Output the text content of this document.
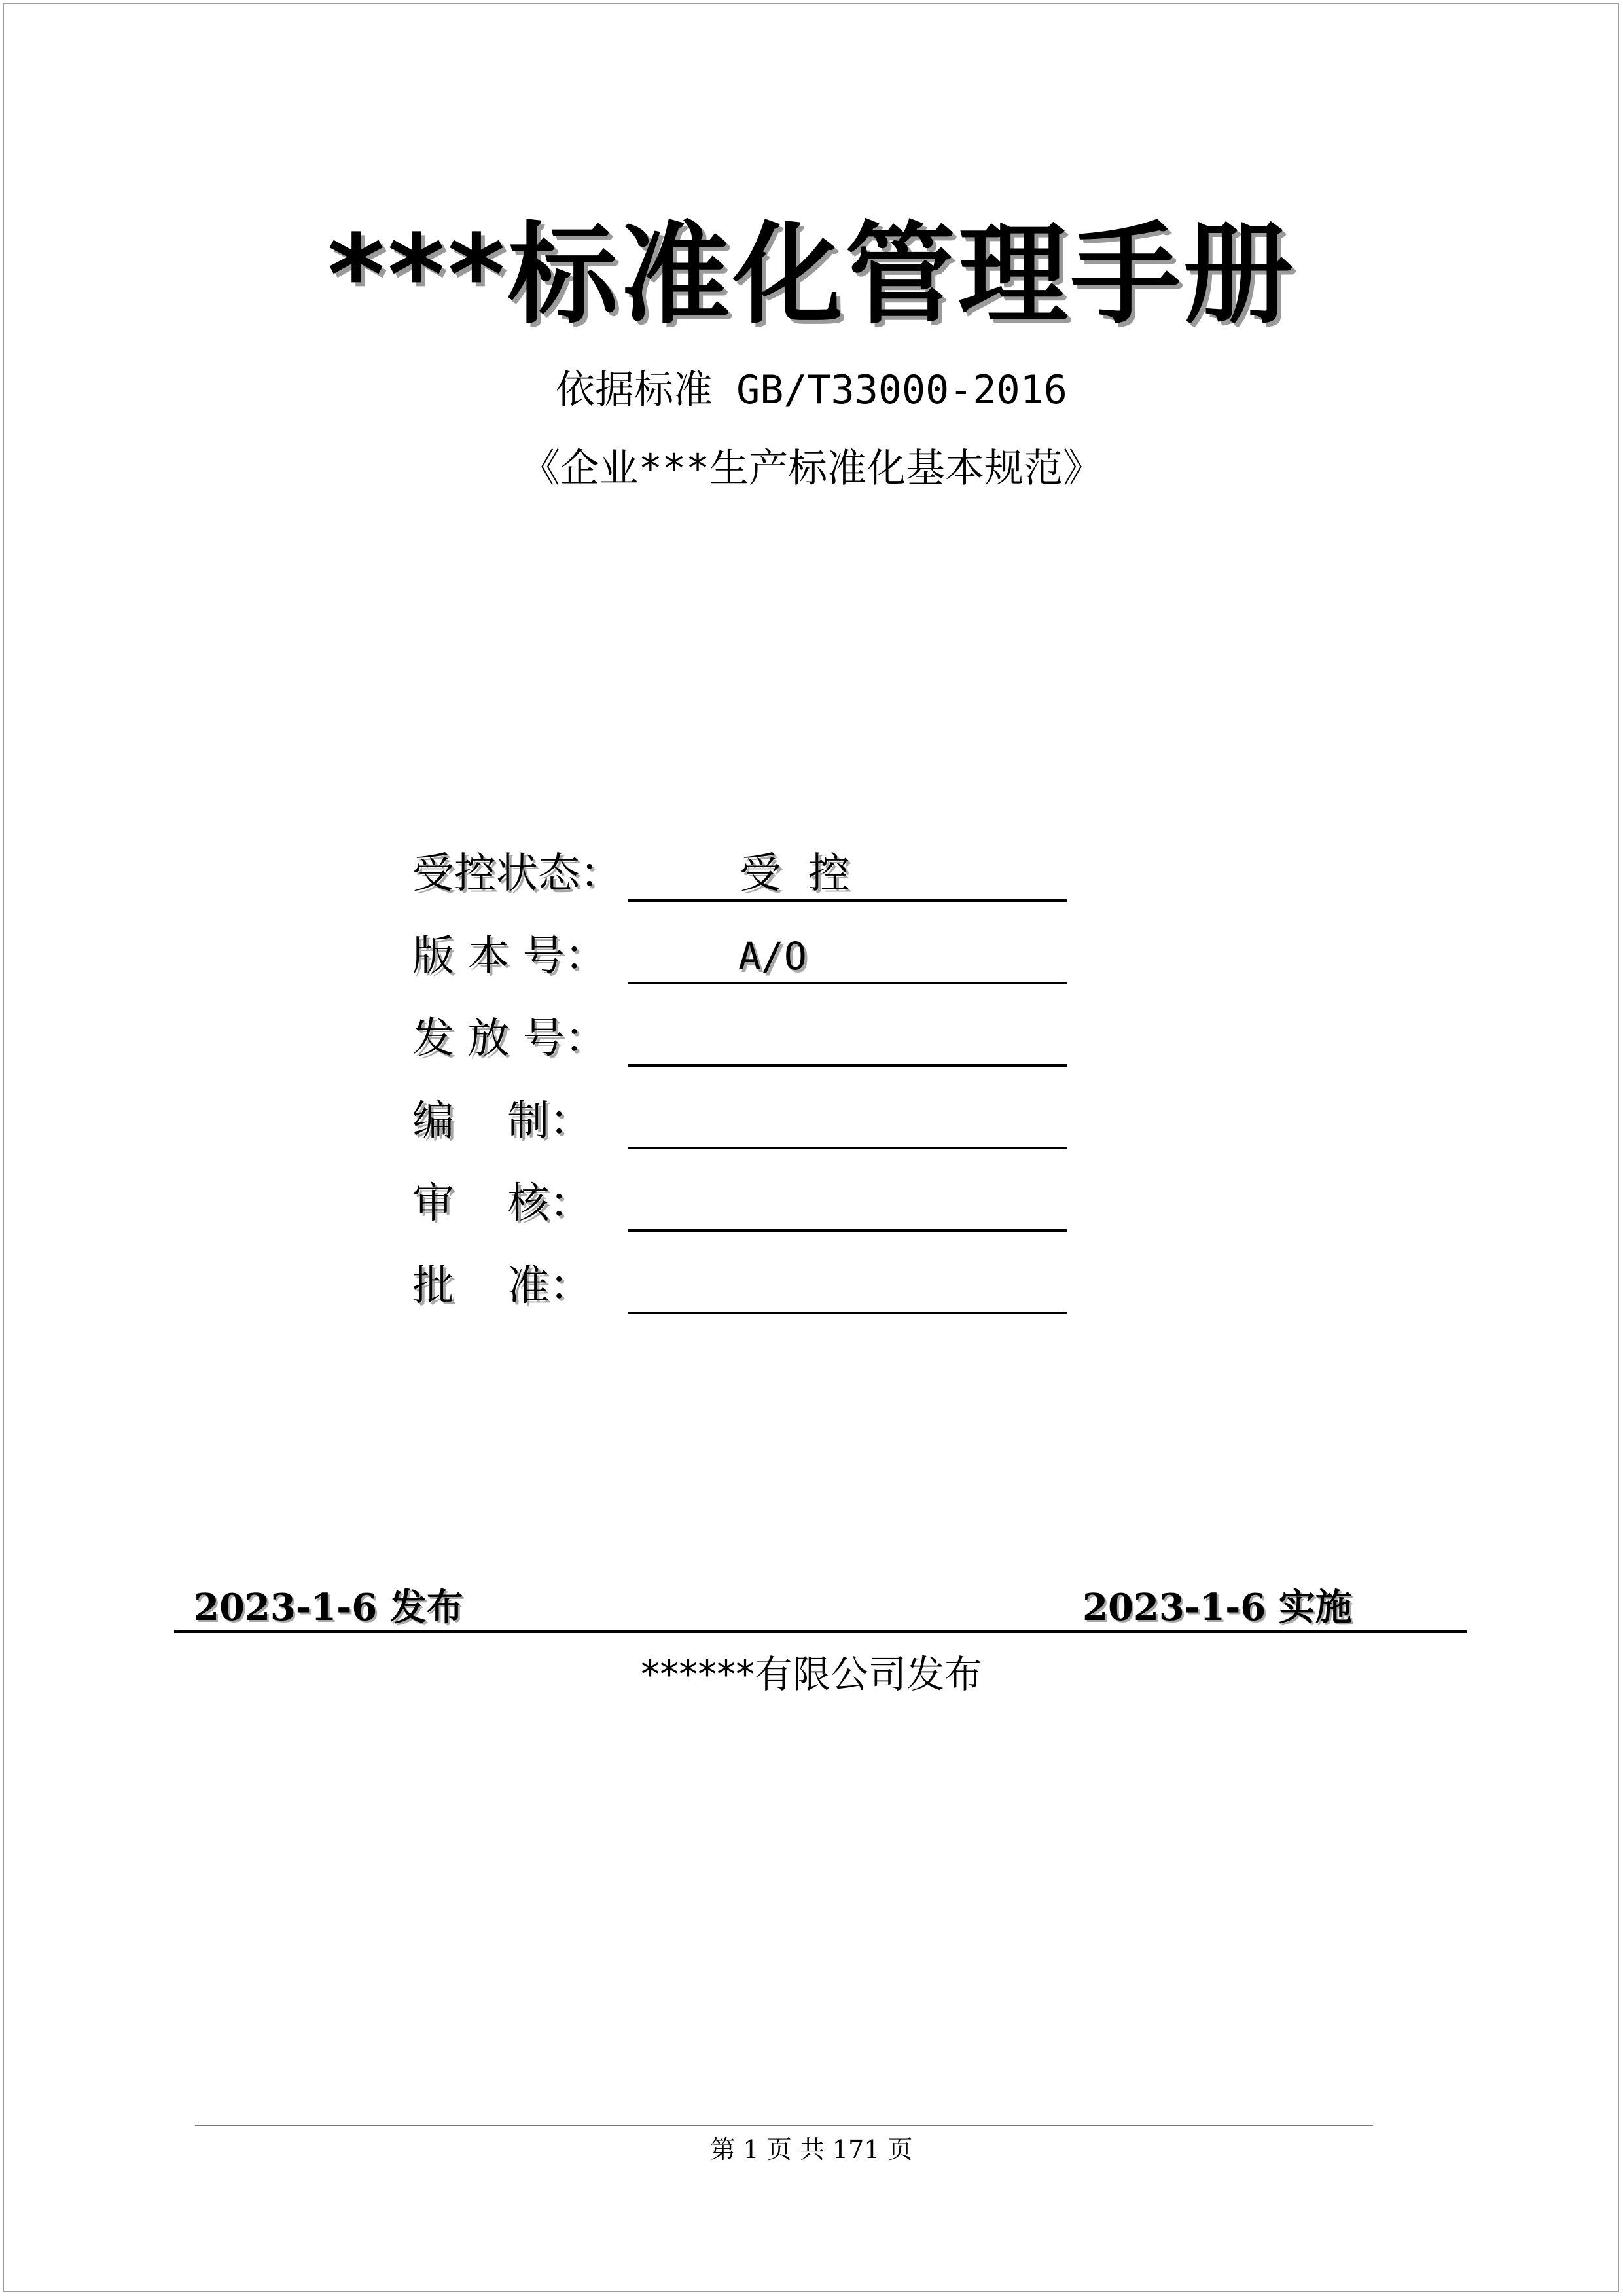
***标准化管理手册
依据标准 GB/T33000-2016
《企业***生产标准化基本规范》
受控状态：	受  控
版 本 号：	A/O
发 放 号：
编    制：
审    核：
批    准：
2023-1-6 发布	2023-1-6 实施
******有限公司发布
第 1 页 共 171 页
